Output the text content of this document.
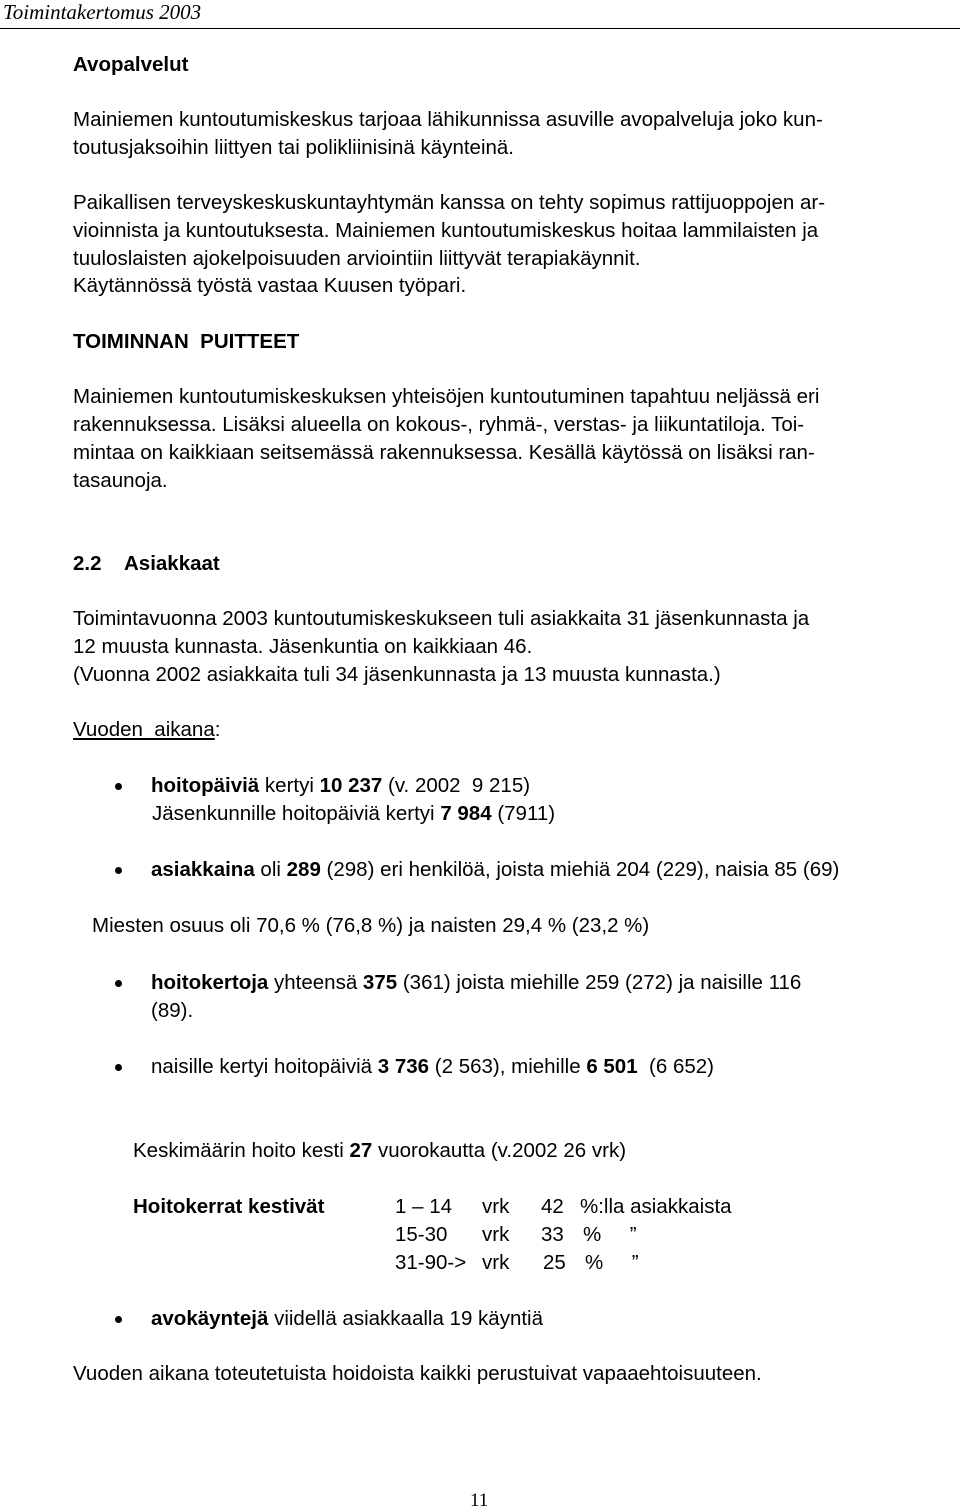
Toimintakertomus 2003
Avopalvelut
Mainiemen kuntoutumiskeskus tarjoaa lähikunnissa asuville avopalveluja joko kun-
toutusjaksoihin liittyen tai polikliinisinä käynteinä.
Paikallisen terveyskeskuskuntayhtymän kanssa on tehty sopimus rattijuoppojen ar-
vioinnista ja kuntoutuksesta. Mainiemen kuntoutumiskeskus hoitaa lammilaisten ja
tuuloslaisten ajokelpoisuuden arviointiin liittyvät terapiakäynnit.
Käytännössä työstä vastaa Kuusen työpari.
TOIMINNAN  PUITTEET
Mainiemen kuntoutumiskeskuksen yhteisöjen kuntoutuminen tapahtuu neljässä eri
rakennuksessa. Lisäksi alueella on kokous-, ryhmä-, verstas- ja liikuntatiloja. Toi-
mintaa on kaikkiaan seitsemässä rakennuksessa. Kesällä käytössä on lisäksi ran-
tasaunoja.
2.2 Asiakkaat
Toimintavuonna 2003 kuntoutumiskeskukseen tuli asiakkaita 31 jäsenkunnasta ja
12 muusta kunnasta. Jäsenkuntia on kaikkiaan 46.
(Vuonna 2002 asiakkaita tuli 34 jäsenkunnasta ja 13 muusta kunnasta.)
Vuoden  aikana:
hoitopäiviä kertyi 10 237 (v. 2002  9 215)
Jäsenkunnille hoitopäiviä kertyi 7 984 (7911)
asiakkaina oli 289 (298) eri henkilöä, joista miehiä 204 (229), naisia 85 (69)
Miesten osuus oli 70,6 % (76,8 %) ja naisten 29,4 % (23,2 %)
hoitokertoja yhteensä 375 (361) joista miehille 259 (272) ja naisille 116
(89).
naisille kertyi hoitopäiviä 3 736 (2 563), miehille 6 501  (6 652)
Keskimäärin hoito kesti 27 vuorokautta (v.2002 26 vrk)
Hoitokerrat kestivät	1 – 14 vrk 42 %:lla asiakkaista
15-30 vrk 33 %     ”
31-90-> vrk 25 %     ”
avokäyntejä viidellä asiakkaalla 19 käyntiä
Vuoden aikana toteutetuista hoidoista kaikki perustuivat vapaaehtoisuuteen.
11
